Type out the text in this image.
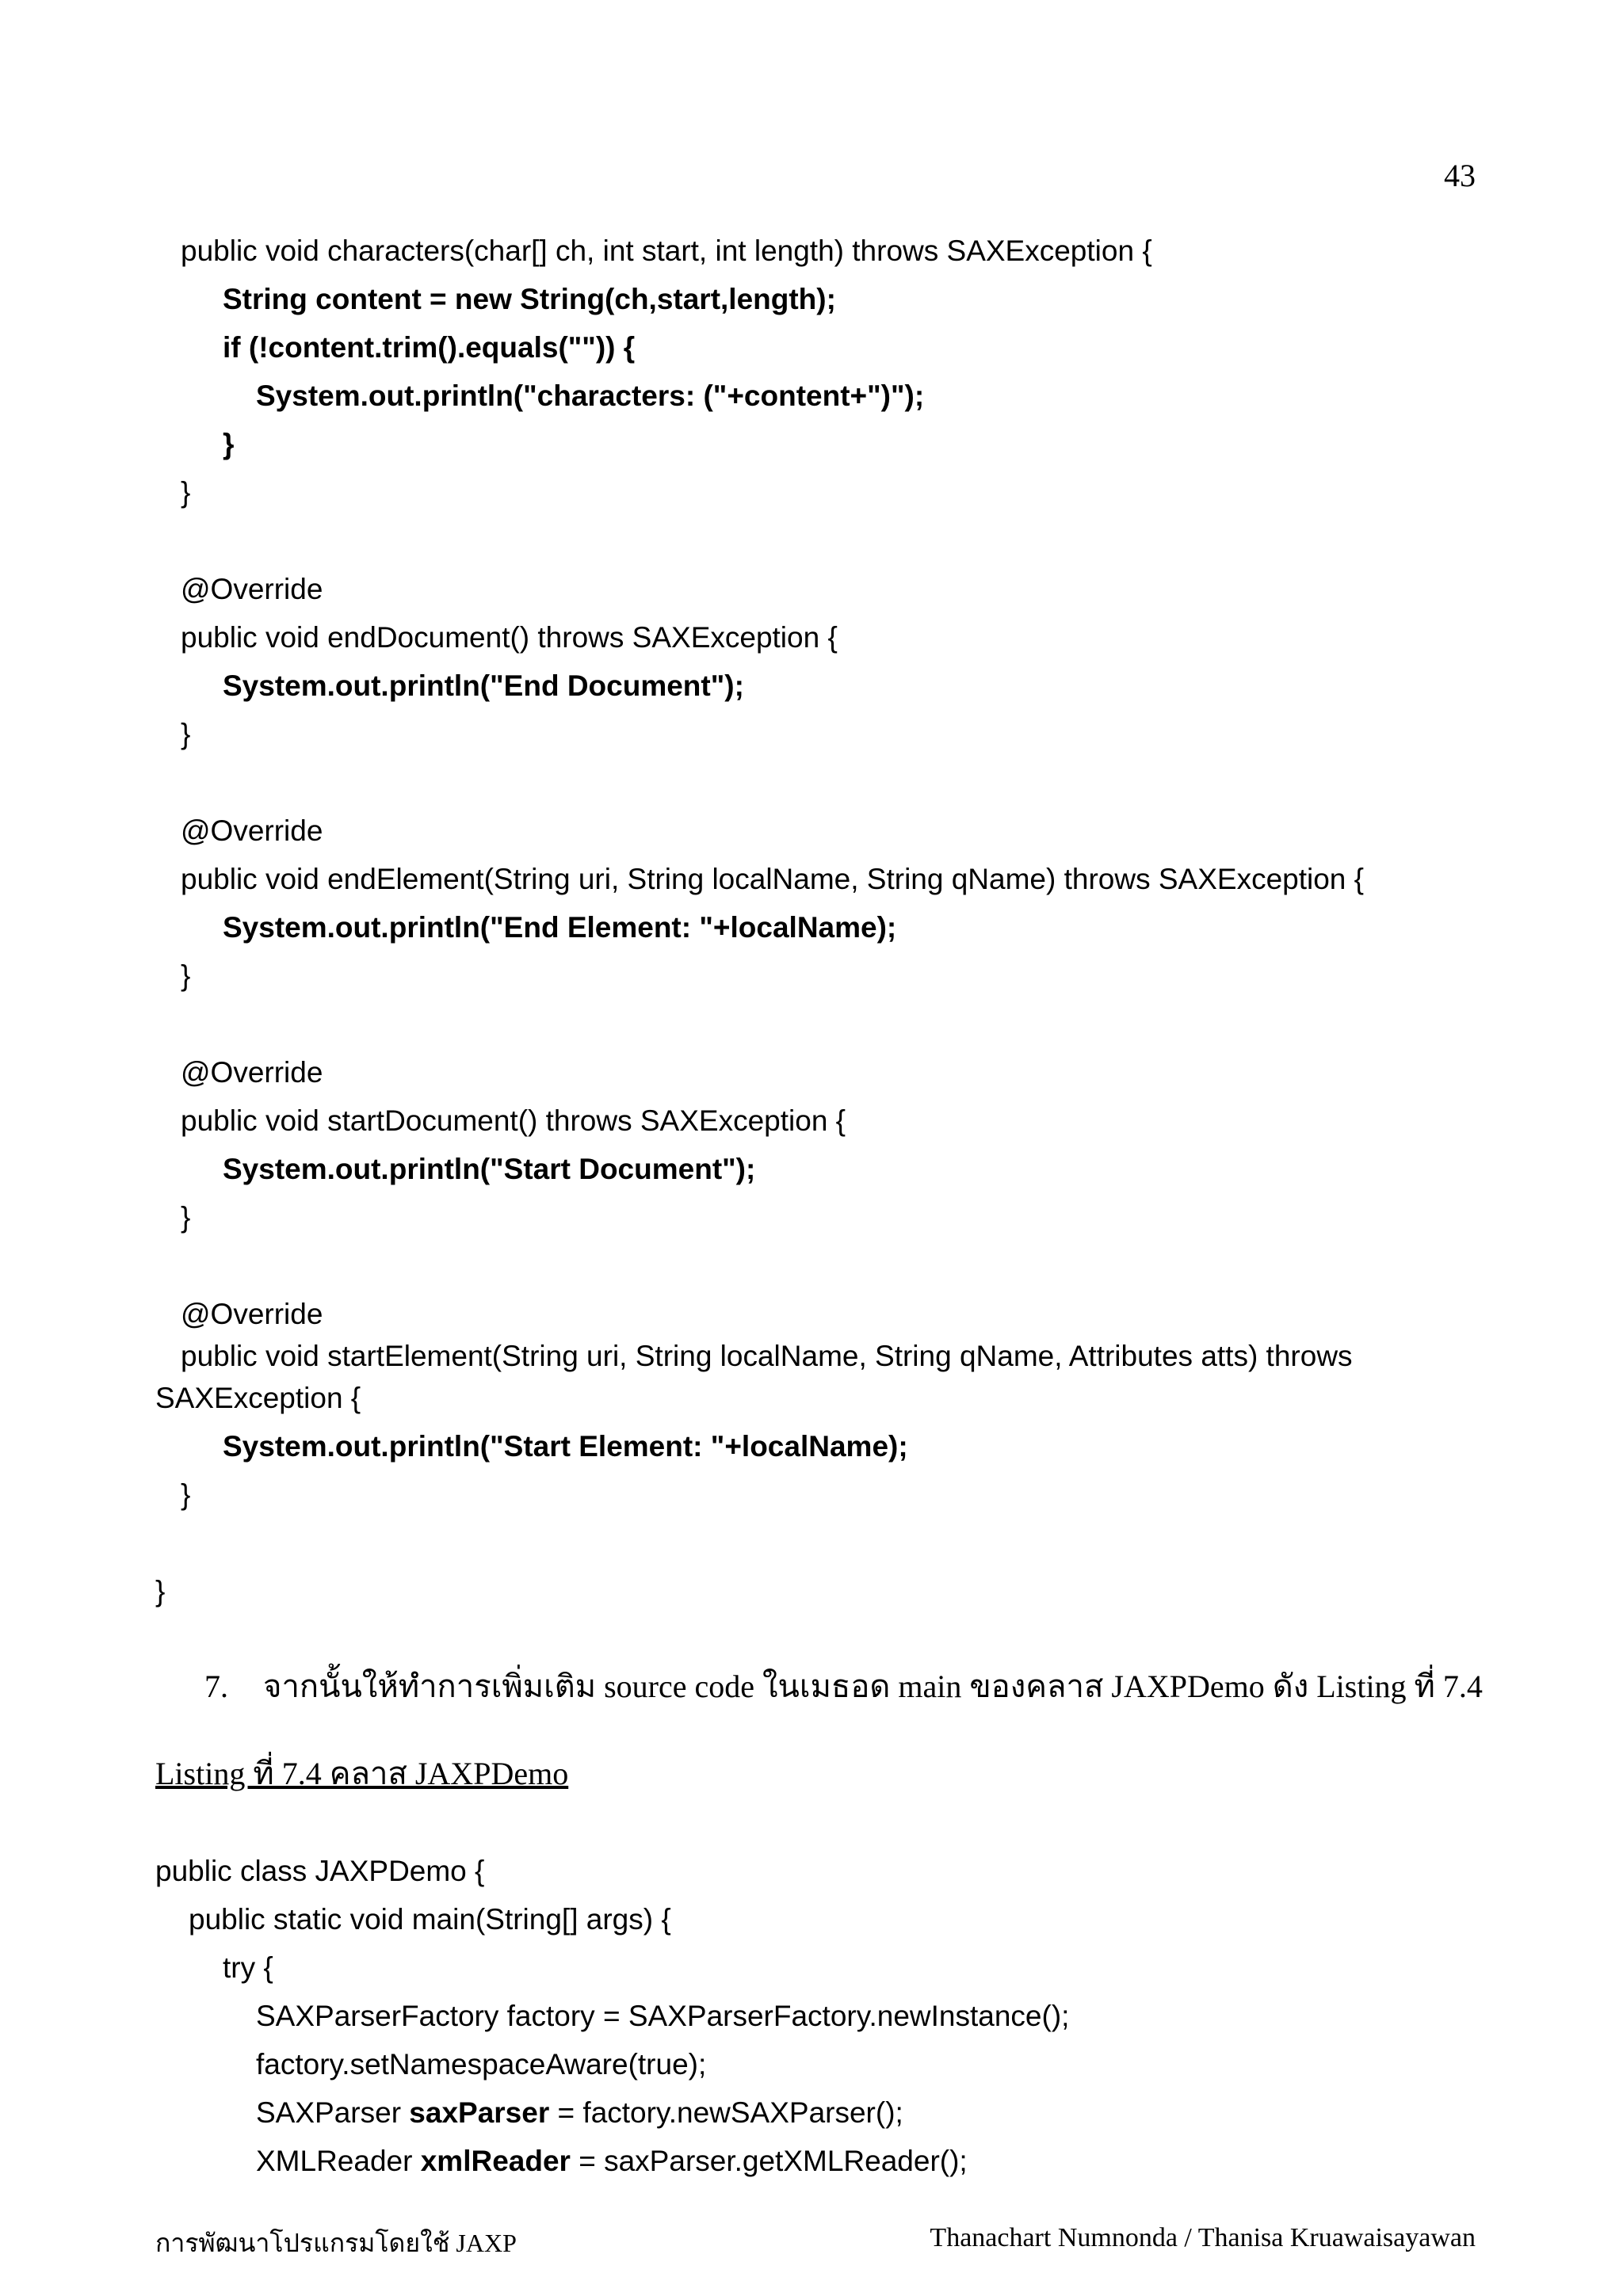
43
public void characters(char[] ch, int start, int length) throws SAXException {
String content = new String(ch,start,length);
if (!content.trim().equals("")) {
System.out.println("characters: ("+content+")");
}
}
@Override
public void endDocument() throws SAXException {
System.out.println("End Document");
}
@Override
public void endElement(String uri, String localName, String qName) throws SAXException {
System.out.println("End Element: "+localName);
}
@Override
public void startDocument() throws SAXException {
System.out.println("Start Document");
}
@Override
public void startElement(String uri, String localName, String qName, Attributes atts) throws
SAXException {
System.out.println("Start Element: "+localName);
}
}
7. จากนั้นให้ทำการเพิ่มเติม source code ในเมธอด main ของคลาส JAXPDemo ดัง Listing ที่ 7.4
Listing ที่ 7.4 คลาส JAXPDemo
public class JAXPDemo {
public static void main(String[] args) {
try {
SAXParserFactory factory = SAXParserFactory.newInstance();
factory.setNamespaceAware(true);
SAXParser saxParser = factory.newSAXParser();
XMLReader xmlReader = saxParser.getXMLReader();
การพัฒนาโปรแกรมโดยใช้ JAXP	Thanachart Numnonda / Thanisa Kruawaisayawan
